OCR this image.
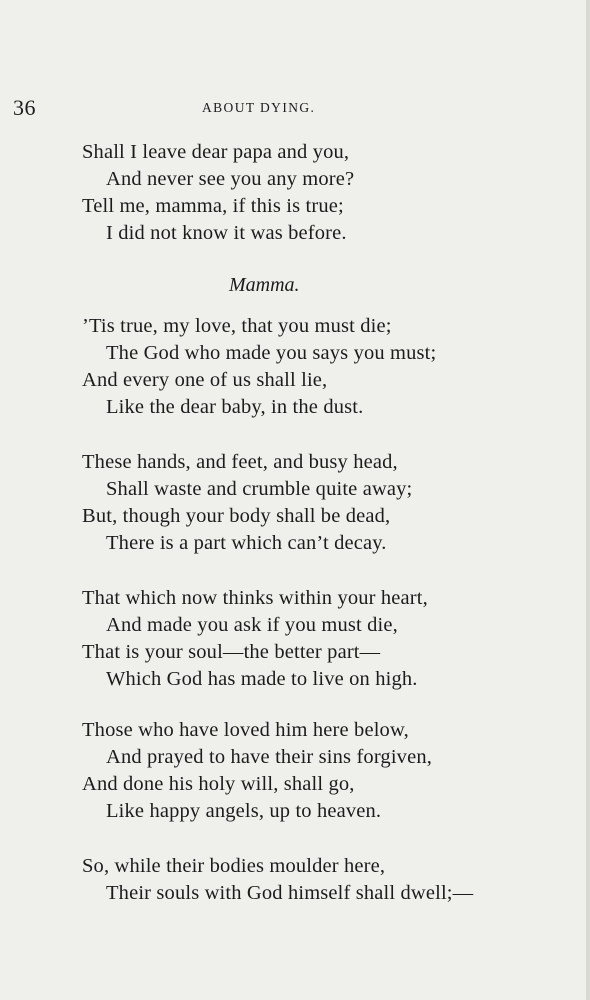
36	ABOUT DYING.
Shall I leave dear papa and you,
And never see you any more?
Tell me, mamma, if this is true;
I did not know it was before.
Mamma.
’Tis true, my love, that you must die;
The God who made you says you must;
And every one of us shall lie,
Like the dear baby, in the dust.
These hands, and feet, and busy head,
Shall waste and crumble quite away;
But, though your body shall be dead,
There is a part which can’t decay.
That which now thinks within your heart,
And made you ask if you must die,
That is your soul—the better part—
Which God has made to live on high.
Those who have loved him here below,
And prayed to have their sins forgiven,
And done his holy will, shall go,
Like happy angels, up to heaven.
So, while their bodies moulder here,
Their souls with God himself shall dwell;—
